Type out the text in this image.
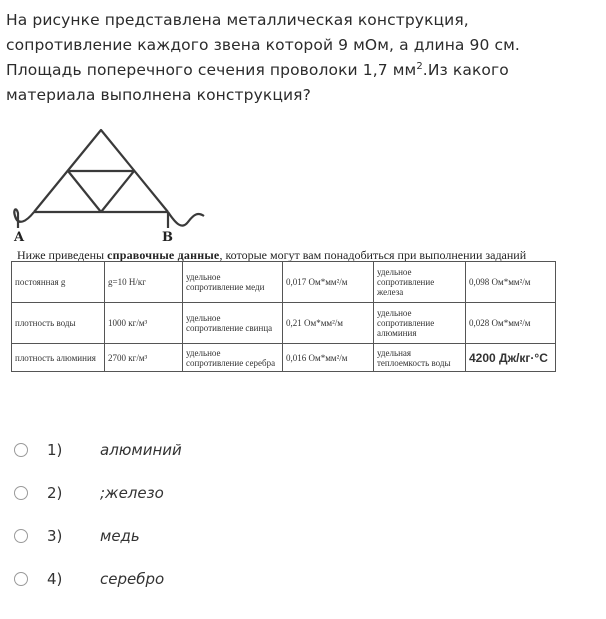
На рисунке представлена металлическая конструкция, сопротивление каждого звена которой 9 мОм, а длина 90 см. Площадь поперечного сечения проволоки 1,7 $мм^2.Из$ какого материала выполнена конструкция?
A	B
Ниже приведены справочные данные, которые могут вам понадобиться при выполнении заданий
постоянная g	g=10 Н/кг	удельное сопротивление меди	0,017 Ом*мм²/м	удельное сопротивление железа	0,098 Ом*мм²/м
плотность воды	1000 кг/м³	удельное сопротивление свинца	0,21 Ом*мм²/м	удельное сопротивление алюминия	0,028 Ом*мм²/м
плотность алюминия	2700 кг/м³	удельное сопротивление серебра	0,016 Ом*мм²/м	удельная теплоемкость воды	4200 Дж/кг·°С
1)	алюминий
2)	;железо
3)	медь
4)	серебро
